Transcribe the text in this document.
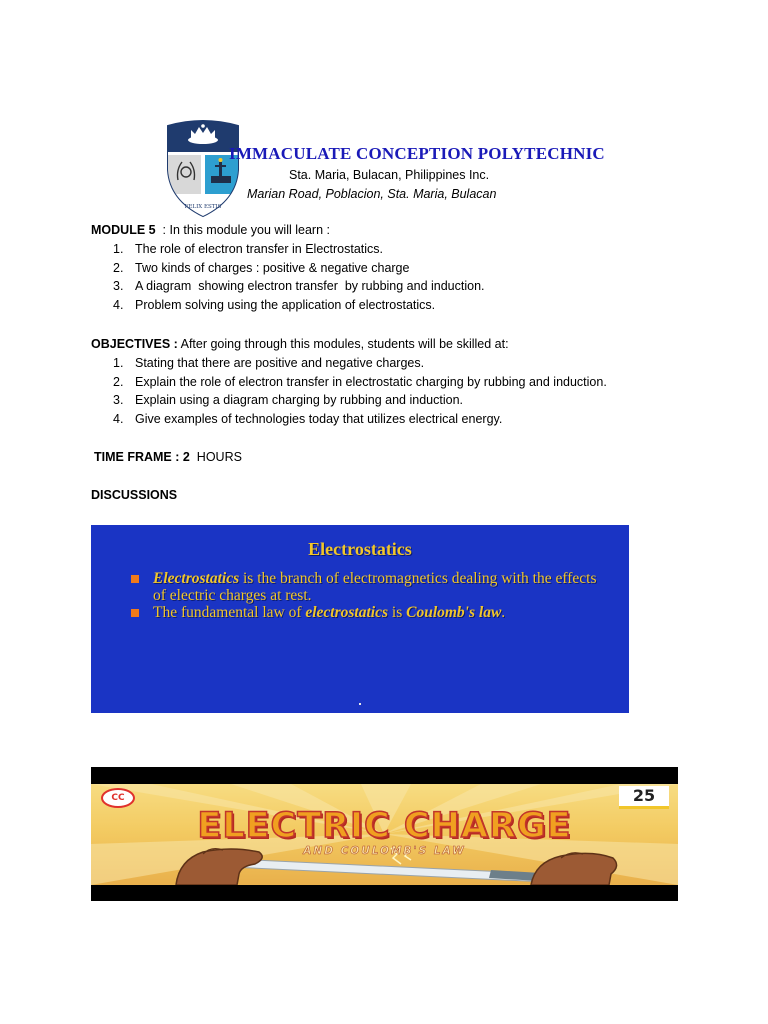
FELIX ESTIS

IMMACULATE CONCEPTION POLYTECHNIC

Sta. Maria, Bulacan, Philippines Inc.

Marian Road, Poblacion, Sta. Maria, Bulacan

MODULE 5  : In this module you will learn :

1. The role of electron transfer in Electrostatics.
2. Two kinds of charges : positive & negative charge
3. A diagram  showing electron transfer  by rubbing and induction.
4. Problem solving using the application of electrostatics.

OBJECTIVES : After going through this modules, students will be skilled at:

1. Stating that there are positive and negative charges.
2. Explain the role of electron transfer in electrostatic charging by rubbing and induction.
3. Explain using a diagram charging by rubbing and induction.
4. Give examples of technologies today that utilizes electrical energy.

TIME FRAME : 2  HOURS

DISCUSSIONS

Electrostatics

Electrostatics is the branch of electromagnetics dealing with the effects of electric charges at rest.
The fundamental law of electrostatics is Coulomb's law.
CC	25

ELECTRIC CHARGE

AND COULOMB'S LAW
